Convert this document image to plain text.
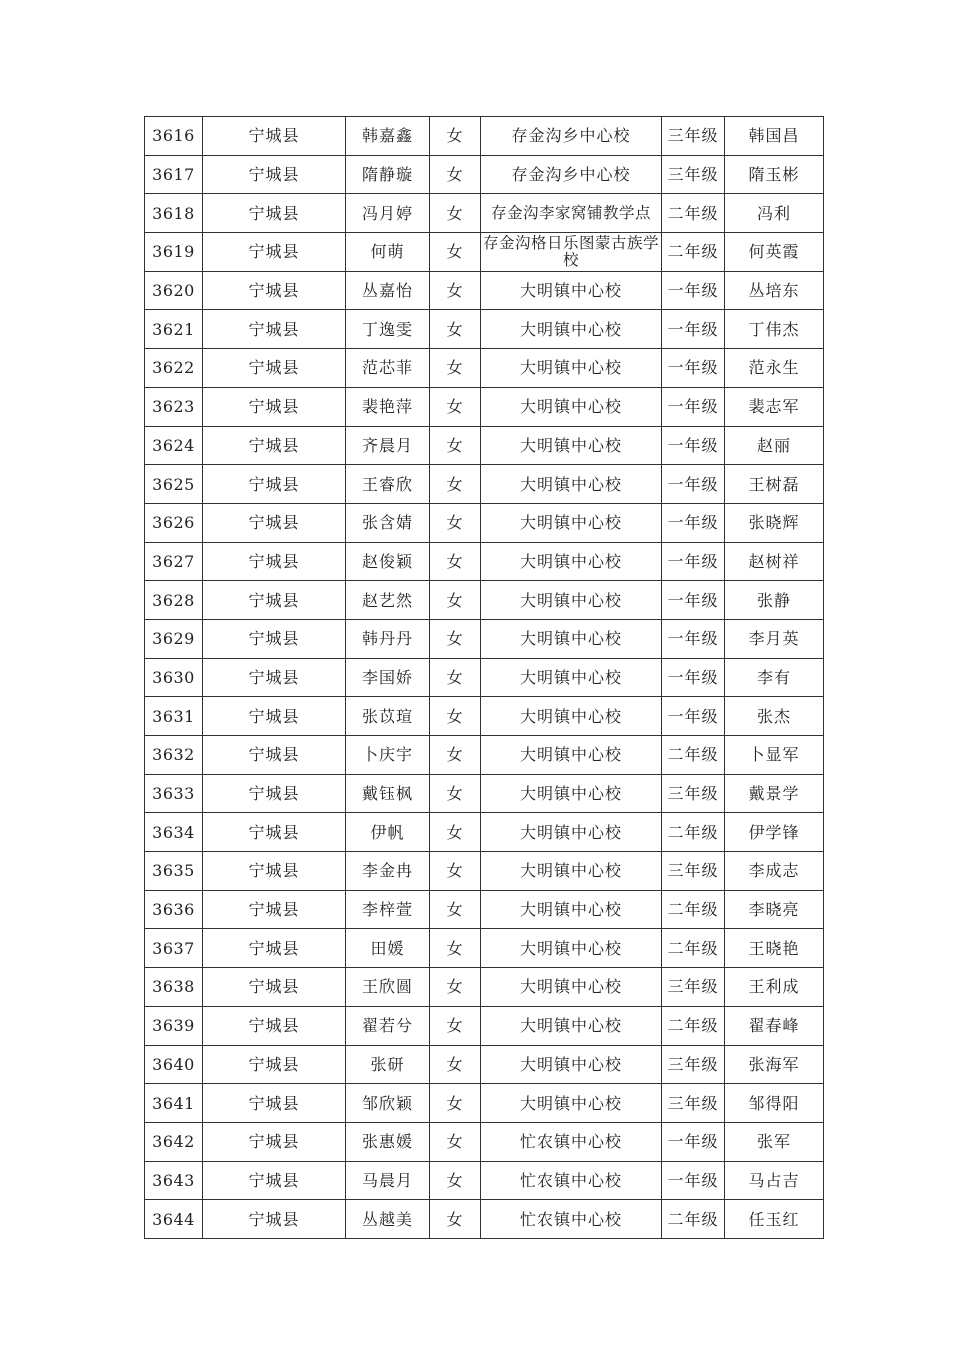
3616	宁城县	韩嘉鑫	女	存金沟乡中心校	三年级	韩国昌
3617	宁城县	隋静璇	女	存金沟乡中心校	三年级	隋玉彬
3618	宁城县	冯月婷	女	存金沟李家窝铺教学点	二年级	冯利
3619	宁城县	何萌	女	存金沟格日乐图蒙古族学校	二年级	何英霞
3620	宁城县	丛嘉怡	女	大明镇中心校	一年级	丛培东
3621	宁城县	丁逸雯	女	大明镇中心校	一年级	丁伟杰
3622	宁城县	范芯菲	女	大明镇中心校	一年级	范永生
3623	宁城县	裴艳萍	女	大明镇中心校	一年级	裴志军
3624	宁城县	齐晨月	女	大明镇中心校	一年级	赵丽
3625	宁城县	王睿欣	女	大明镇中心校	一年级	王树磊
3626	宁城县	张含婧	女	大明镇中心校	一年级	张晓辉
3627	宁城县	赵俊颖	女	大明镇中心校	一年级	赵树祥
3628	宁城县	赵艺然	女	大明镇中心校	一年级	张静
3629	宁城县	韩丹丹	女	大明镇中心校	一年级	李月英
3630	宁城县	李国娇	女	大明镇中心校	一年级	李有
3631	宁城县	张苡瑄	女	大明镇中心校	一年级	张杰
3632	宁城县	卜庆宇	女	大明镇中心校	二年级	卜显军
3633	宁城县	戴钰枫	女	大明镇中心校	三年级	戴景学
3634	宁城县	伊帆	女	大明镇中心校	二年级	伊学锋
3635	宁城县	李金冉	女	大明镇中心校	三年级	李成志
3636	宁城县	李梓萱	女	大明镇中心校	二年级	李晓亮
3637	宁城县	田媛	女	大明镇中心校	二年级	王晓艳
3638	宁城县	王欣圆	女	大明镇中心校	三年级	王利成
3639	宁城县	翟若兮	女	大明镇中心校	二年级	翟春峰
3640	宁城县	张研	女	大明镇中心校	三年级	张海军
3641	宁城县	邹欣颖	女	大明镇中心校	三年级	邹得阳
3642	宁城县	张惠媛	女	忙农镇中心校	一年级	张军
3643	宁城县	马晨月	女	忙农镇中心校	一年级	马占吉
3644	宁城县	丛越美	女	忙农镇中心校	二年级	任玉红
